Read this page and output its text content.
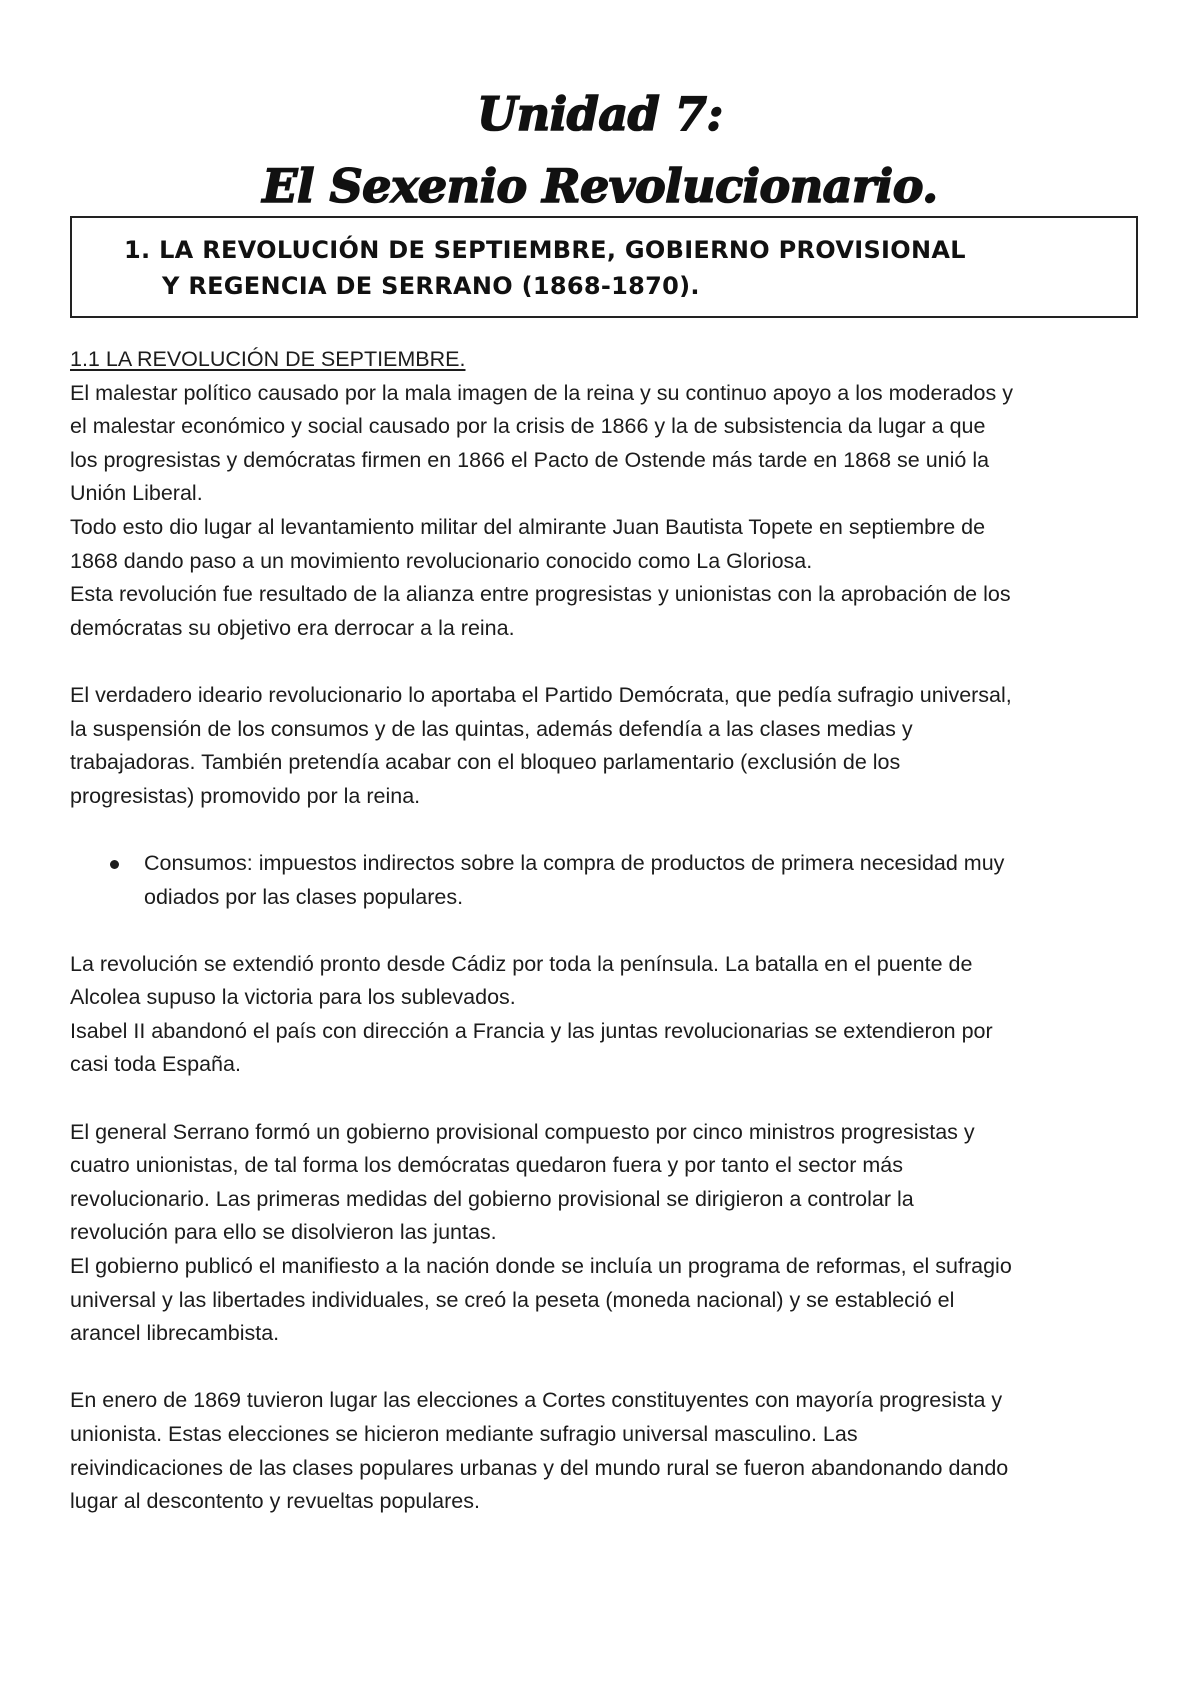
Unidad 7:
El Sexenio Revolucionario.
1. LA REVOLUCIÓN DE SEPTIEMBRE, GOBIERNO PROVISIONAL
Y REGENCIA DE SERRANO (1868-1870).
1.1 LA REVOLUCIÓN DE SEPTIEMBRE.
El malestar político causado por la mala imagen de la reina y su continuo apoyo a los moderados y
el malestar económico y social causado por la crisis de 1866 y la de subsistencia da lugar a que
los progresistas y demócratas firmen en 1866 el Pacto de Ostende más tarde en 1868 se unió la
Unión Liberal.
Todo esto dio lugar al levantamiento militar del almirante Juan Bautista Topete en septiembre de
1868 dando paso a un movimiento revolucionario conocido como La Gloriosa.
Esta revolución fue resultado de la alianza entre progresistas y unionistas con la aprobación de los
demócratas su objetivo era derrocar a la reina.
El verdadero ideario revolucionario lo aportaba el Partido Demócrata, que pedía sufragio universal,
la suspensión de los consumos y de las quintas, además defendía a las clases medias y
trabajadoras. También pretendía acabar con el bloqueo parlamentario (exclusión de los
progresistas) promovido por la reina.
Consumos: impuestos indirectos sobre la compra de productos de primera necesidad muy
odiados por las clases populares.
La revolución se extendió pronto desde Cádiz por toda la península. La batalla en el puente de
Alcolea supuso la victoria para los sublevados.
Isabel II abandonó el país con dirección a Francia y las juntas revolucionarias se extendieron por
casi toda España.
El general Serrano formó un gobierno provisional compuesto por cinco ministros progresistas y
cuatro unionistas, de tal forma los demócratas quedaron fuera y por tanto el sector más
revolucionario. Las primeras medidas del gobierno provisional se dirigieron a controlar la
revolución para ello se disolvieron las juntas.
El gobierno publicó el manifiesto a la nación donde se incluía un programa de reformas, el sufragio
universal y las libertades individuales, se creó la peseta (moneda nacional) y se estableció el
arancel librecambista.
En enero de 1869 tuvieron lugar las elecciones a Cortes constituyentes con mayoría progresista y
unionista. Estas elecciones se hicieron mediante sufragio universal masculino. Las
reivindicaciones de las clases populares urbanas y del mundo rural se fueron abandonando dando
lugar al descontento y revueltas populares.
